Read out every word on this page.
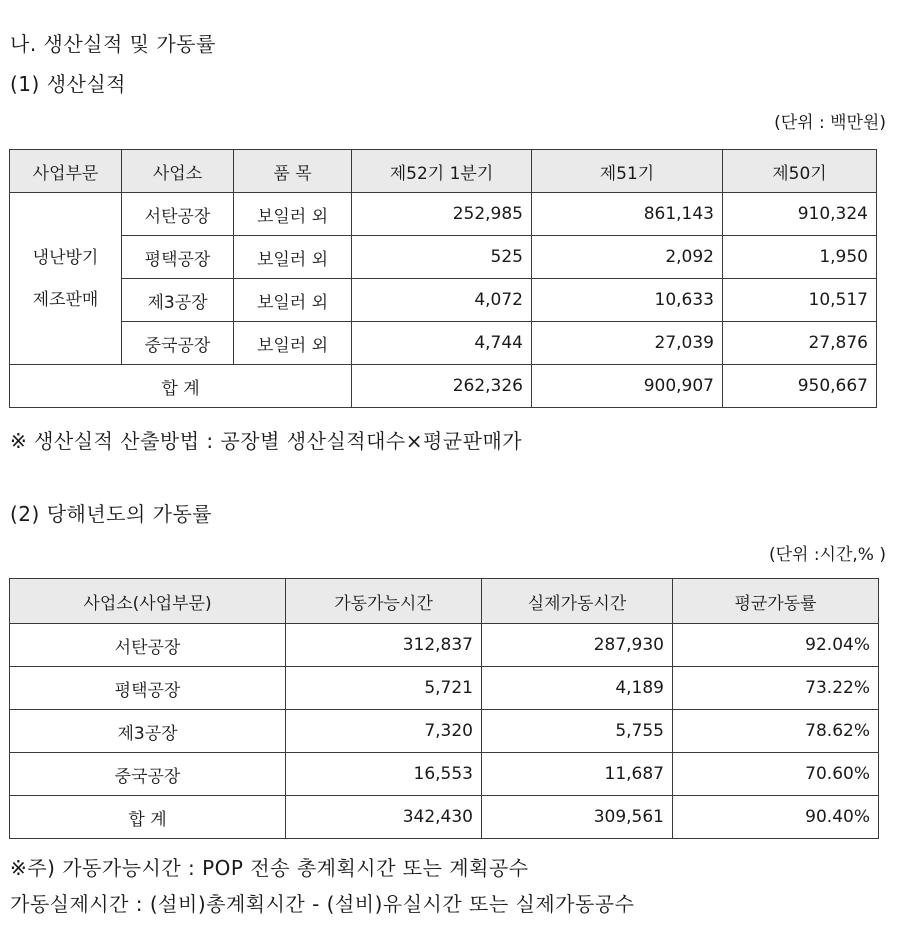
나. 생산실적 및 가동률
(1) 생산실적
(단위 : 백만원)
사업부문	사업소	품 목	제52기 1분기	제51기	제50기

냉난방기
제조판매	서탄공장	보일러 외	252,985	861,143	910,324
	평택공장	보일러 외	525	2,092	1,950
	제3공장	보일러 외	4,072	10,633	10,517
	중국공장	보일러 외	4,744	27,039	27,876
합 계			262,326	900,907	950,667
※ 생산실적 산출방법 : 공장별 생산실적대수×평균판매가
(2) 당해년도의 가동률
(단위 :시간,% )
사업소(사업부문)	가동가능시간	실제가동시간	평균가동률
서탄공장	312,837	287,930	92.04%
평택공장	5,721	4,189	73.22%
제3공장	7,320	5,755	78.62%
중국공장	16,553	11,687	70.60%
합 계	342,430	309,561	90.40%
※주) 가동가능시간 : POP 전송 총계획시간 또는 계획공수
가동실제시간 : (설비)총계획시간 - (설비)유실시간 또는 실제가동공수
